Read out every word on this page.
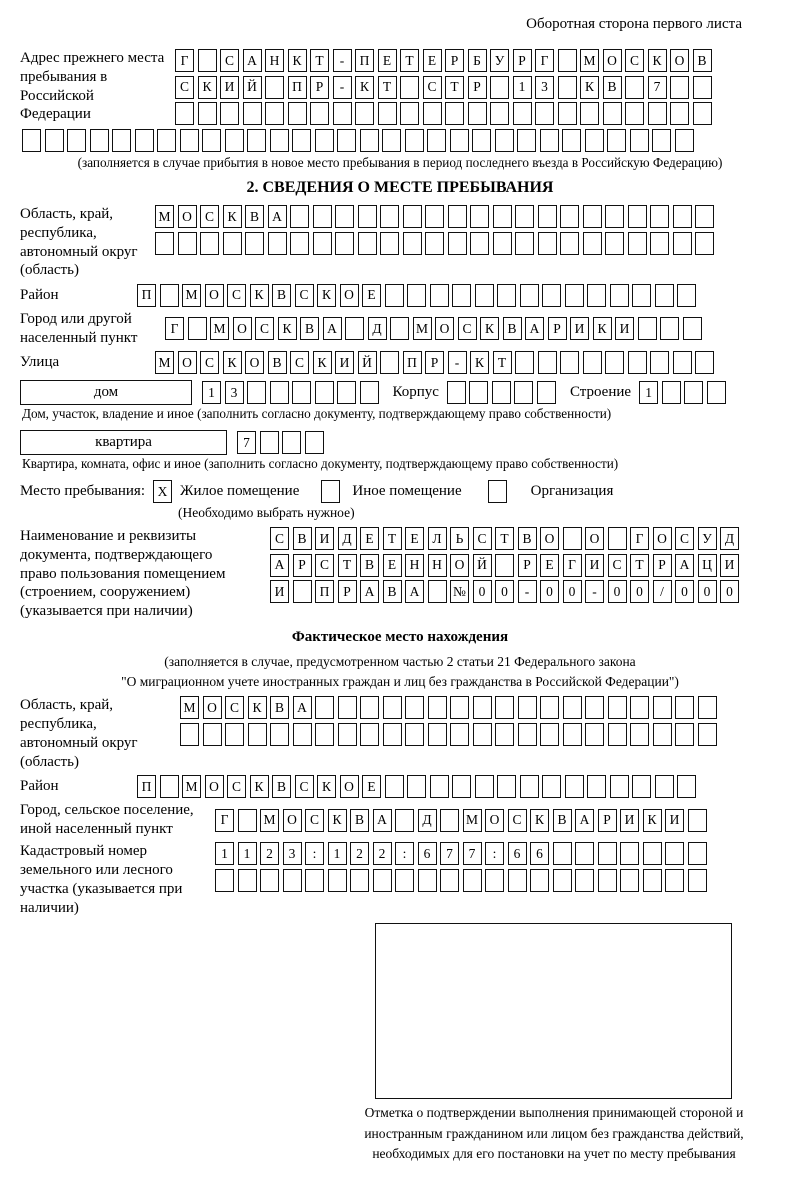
Оборотная сторона первого листа
Адрес прежнего места пребывания в Российской Федерации
Г	С А Н К	Т	-	П	Е	Т	Е	Р	Б	У	Р	Г	М О С К О В
С К И Й	П	Р	-	К	Т	С	Т	Р	1	3	К В	7
(заполняется в случае прибытия в новое место пребывания в период последнего въезда в Российскую Федерацию)
2. СВЕДЕНИЯ О МЕСТЕ ПРЕБЫВАНИЯ
Область, край, республика, автономный округ (область)
М О С К В А
Район	П	М О С К В С К О	Е
Город или другой населенный пункт
Г	М О С К В А	Д	М О С К В А	Р	И К И
Улица	М О С К О В С К И Й	П	Р	-	К	Т
дом	1	3	Корпус	Строение	1
Дом, участок, владение и иное (заполнить согласно документу, подтверждающему право собственности)
квартира	7
Квартира, комната, офис и иное (заполнить согласно документу, подтверждающему право собственности)
Место пребывания: X Жилое помещение	Иное помещение	Организация
(Необходимо выбрать нужное)
Наименование и реквизиты документа, подтверждающего право пользования помещением (строением, сооружением) (указывается при наличии)
С В И Д	Е	Т	Е	Л	Ь	С	Т	В О	О	Г	О С У Д
А	Р	С	Т	В	Е	Н Н О Й	Р	Е	Г	И С	Т	Р	А Ц И
И	П	Р	А В А	№ 0	0	-	0	0	-	0	0	/	0	0	0
Фактическое место нахождения
(заполняется в случае, предусмотренном частью 2 статьи 21 Федерального закона
"О миграционном учете иностранных граждан и лиц без гражданства в Российской Федерации")
Область, край, республика, автономный округ (область)
М О С К В А
Район	П	М О С К В С К О	Е
Город, сельское поселение, иной населенный пункт
Г	М О С К В А	Д	М О С К В А	Р	И К И
Кадастровый номер земельного или лесного участка (указывается при наличии)
1	1	2	3	:	1	2	2	:	6	7	7	:	6	6
Отметка о подтверждении выполнения принимающей стороной и иностранным гражданином или лицом без гражданства действий, необходимых для его постановки на учет по месту пребывания
